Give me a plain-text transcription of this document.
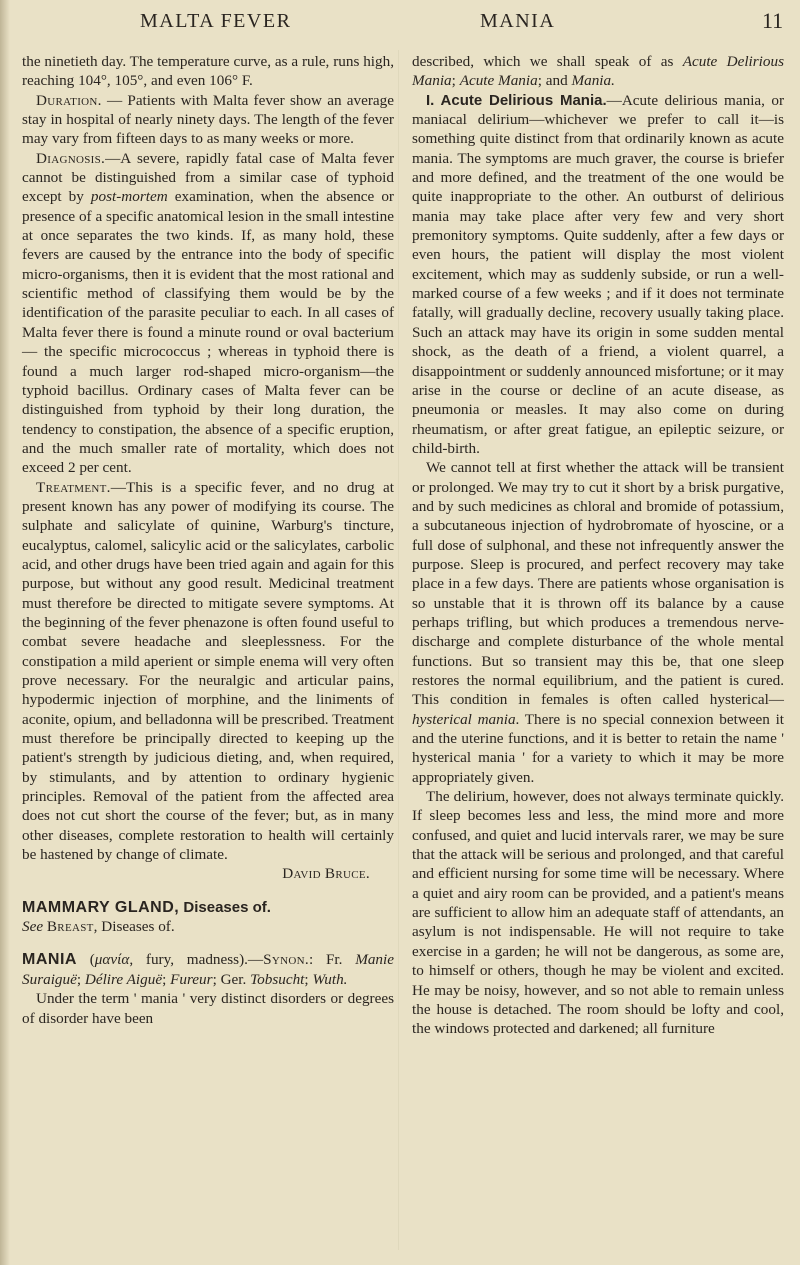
MALTA FEVER	MANIA	11

the ninetieth day. The temperature curve, as a rule, runs high, reaching 104°, 105°, and even 106° F.

Duration. — Patients with Malta fever show an average stay in hospital of nearly ninety days. The length of the fever may vary from fifteen days to as many weeks or more.

Diagnosis.—A severe, rapidly fatal case of Malta fever cannot be distinguished from a similar case of typhoid except by post-mortem examination, when the absence or presence of a specific anatomical lesion in the small intestine at once separates the two kinds. If, as many hold, these fevers are caused by the entrance into the body of specific micro-organisms, then it is evident that the most rational and scientific method of classifying them would be by the identification of the parasite peculiar to each. In all cases of Malta fever there is found a minute round or oval bacterium — the specific micrococcus ; whereas in typhoid there is found a much larger rod-shaped micro-organism—the typhoid bacillus. Ordinary cases of Malta fever can be distinguished from typhoid by their long duration, the tendency to constipation, the absence of a specific eruption, and the much smaller rate of mortality, which does not exceed 2 per cent.

Treatment.—This is a specific fever, and no drug at present known has any power of modifying its course. The sulphate and salicylate of quinine, Warburg's tincture, eucalyptus, calomel, salicylic acid or the salicylates, carbolic acid, and other drugs have been tried again and again for this purpose, but without any good result. Medicinal treatment must therefore be directed to mitigate severe symptoms. At the beginning of the fever phenazone is often found useful to combat severe headache and sleeplessness. For the constipation a mild aperient or simple enema will very often prove necessary. For the neuralgic and articular pains, hypodermic injection of morphine, and the liniments of aconite, opium, and belladonna will be prescribed. Treatment must therefore be principally directed to keeping up the patient's strength by judicious dieting, and, when required, by stimulants, and by attention to ordinary hygienic principles. Removal of the patient from the affected area does not cut short the course of the fever; but, as in many other diseases, complete restoration to health will certainly be hastened by change of climate.

David Bruce.

MAMMARY GLAND, Diseases of.

See Breast, Diseases of.

MANIA (μανία, fury, madness).—Synon.: Fr. Manie Suraiguë; Délire Aiguë; Fureur; Ger. Tobsucht; Wuth.

Under the term ' mania ' very distinct disorders or degrees of disorder have been

described, which we shall speak of as Acute Delirious Mania; Acute Mania; and Mania.

I. Acute Delirious Mania.—Acute delirious mania, or maniacal delirium—whichever we prefer to call it—is something quite distinct from that ordinarily known as acute mania. The symptoms are much graver, the course is briefer and more defined, and the treatment of the one would be quite inappropriate to the other. An outburst of delirious mania may take place after very few and very short premonitory symptoms. Quite suddenly, after a few days or even hours, the patient will display the most violent excitement, which may as suddenly subside, or run a well-marked course of a few weeks ; and if it does not terminate fatally, will gradually decline, recovery usually taking place. Such an attack may have its origin in some sudden mental shock, as the death of a friend, a violent quarrel, a disappointment or suddenly announced misfortune; or it may arise in the course or decline of an acute disease, as pneumonia or measles. It may also come on during rheumatism, or after great fatigue, an epileptic seizure, or child-birth.

We cannot tell at first whether the attack will be transient or prolonged. We may try to cut it short by a brisk purgative, and by such medicines as chloral and bromide of potassium, a subcutaneous injection of hydrobromate of hyoscine, or a full dose of sulphonal, and these not infrequently answer the purpose. Sleep is procured, and perfect recovery may take place in a few days. There are patients whose organisation is so unstable that it is thrown off its balance by a cause perhaps trifling, but which produces a tremendous nerve-discharge and complete disturbance of the whole mental functions. But so transient may this be, that one sleep restores the normal equilibrium, and the patient is cured. This condition in females is often called hysterical—hysterical mania. There is no special connexion between it and the uterine functions, and it is better to retain the name ' hysterical mania ' for a variety to which it may be more appropriately given.

The delirium, however, does not always terminate quickly. If sleep becomes less and less, the mind more and more confused, and quiet and lucid intervals rarer, we may be sure that the attack will be serious and prolonged, and that careful and efficient nursing for some time will be necessary. Where a quiet and airy room can be provided, and a patient's means are sufficient to allow him an adequate staff of attendants, an asylum is not indispensable. He will not require to take exercise in a garden; he will not be dangerous, as some are, to himself or others, though he may be violent and excited. He may be noisy, however, and so not able to remain unless the house is detached. The room should be lofty and cool, the windows protected and darkened; all furniture
